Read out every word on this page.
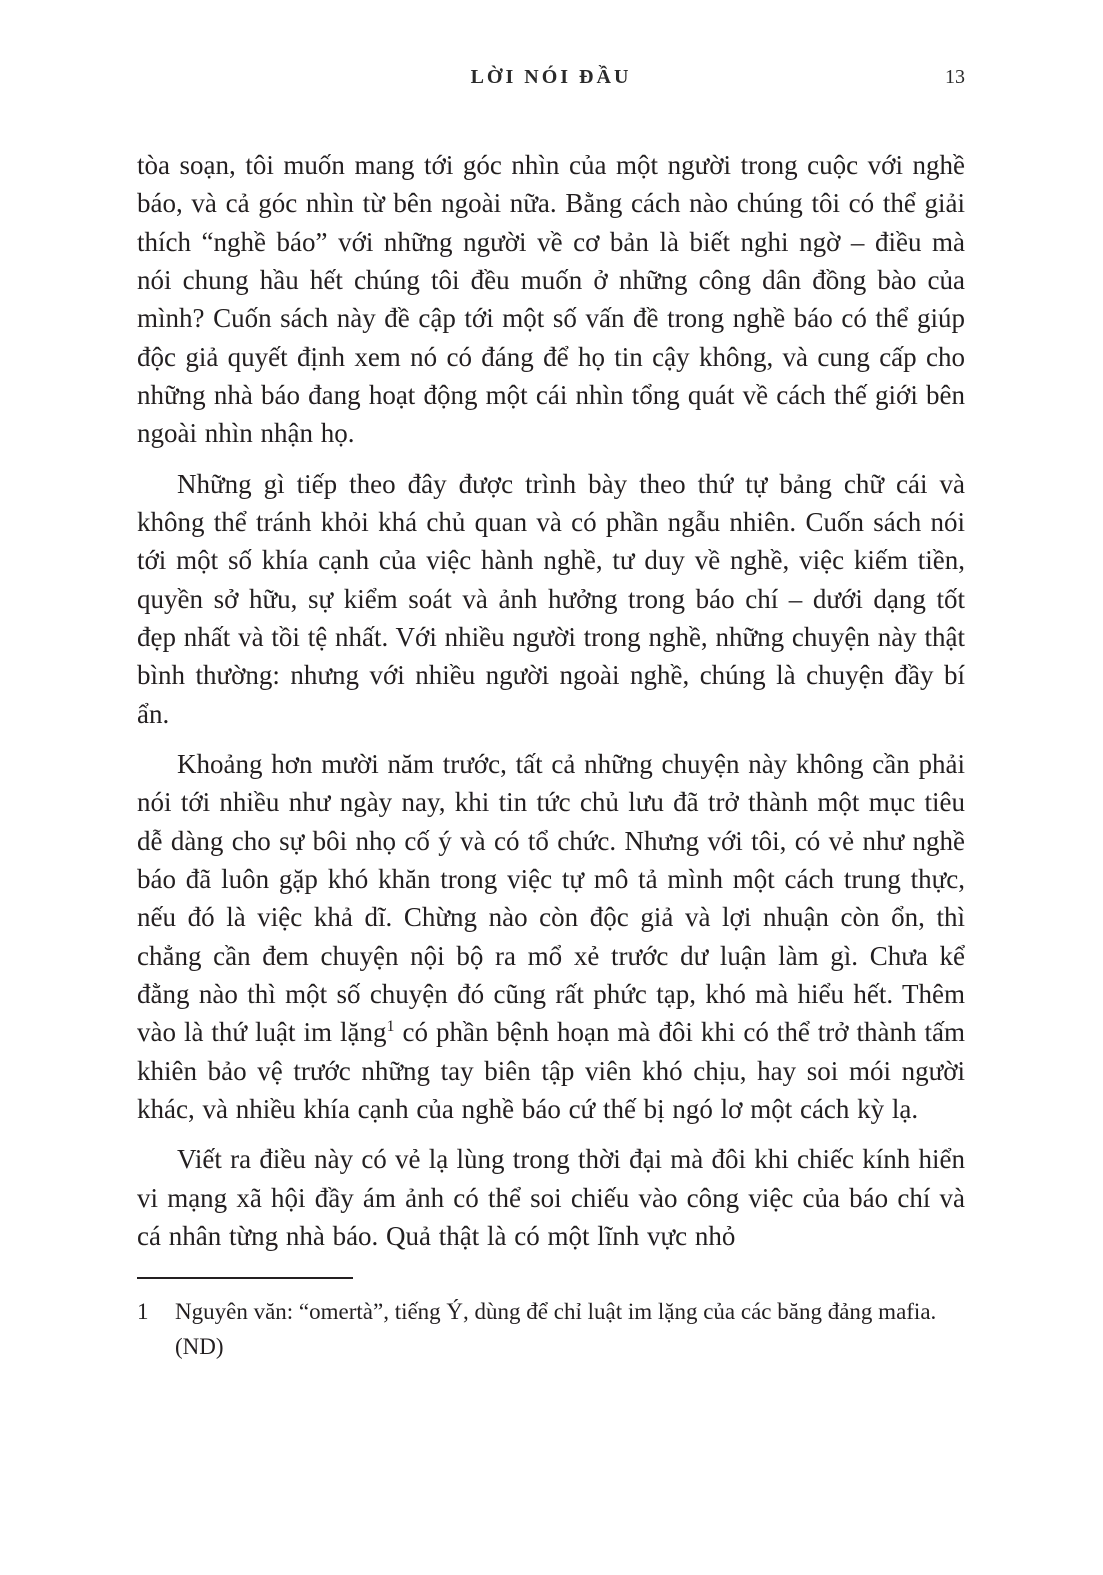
LỜI NÓI ĐẦU	13

tòa soạn, tôi muốn mang tới góc nhìn của một người trong cuộc với nghề báo, và cả góc nhìn từ bên ngoài nữa. Bằng cách nào chúng tôi có thể giải thích “nghề báo” với những người về cơ bản là biết nghi ngờ – điều mà nói chung hầu hết chúng tôi đều muốn ở những công dân đồng bào của mình? Cuốn sách này đề cập tới một số vấn đề trong nghề báo có thể giúp độc giả quyết định xem nó có đáng để họ tin cậy không, và cung cấp cho những nhà báo đang hoạt động một cái nhìn tổng quát về cách thế giới bên ngoài nhìn nhận họ.

Những gì tiếp theo đây được trình bày theo thứ tự bảng chữ cái và không thể tránh khỏi khá chủ quan và có phần ngẫu nhiên. Cuốn sách nói tới một số khía cạnh của việc hành nghề, tư duy về nghề, việc kiếm tiền, quyền sở hữu, sự kiểm soát và ảnh hưởng trong báo chí – dưới dạng tốt đẹp nhất và tồi tệ nhất. Với nhiều người trong nghề, những chuyện này thật bình thường: nhưng với nhiều người ngoài nghề, chúng là chuyện đầy bí ẩn.

Khoảng hơn mười năm trước, tất cả những chuyện này không cần phải nói tới nhiều như ngày nay, khi tin tức chủ lưu đã trở thành một mục tiêu dễ dàng cho sự bôi nhọ cố ý và có tổ chức. Nhưng với tôi, có vẻ như nghề báo đã luôn gặp khó khăn trong việc tự mô tả mình một cách trung thực, nếu đó là việc khả dĩ. Chừng nào còn độc giả và lợi nhuận còn ổn, thì chẳng cần đem chuyện nội bộ ra mổ xẻ trước dư luận làm gì. Chưa kể đằng nào thì một số chuyện đó cũng rất phức tạp, khó mà hiểu hết. Thêm vào là thứ luật im lặng$^1$ có phần bệnh hoạn mà đôi khi có thể trở thành tấm khiên bảo vệ trước những tay biên tập viên khó chịu, hay soi mói người khác, và nhiều khía cạnh của nghề báo cứ thế bị ngó lơ một cách kỳ lạ.

Viết ra điều này có vẻ lạ lùng trong thời đại mà đôi khi chiếc kính hiển vi mạng xã hội đầy ám ảnh có thể soi chiếu vào công việc của báo chí và cá nhân từng nhà báo. Quả thật là có một lĩnh vực nhỏ

1	Nguyên văn: “omertà”, tiếng Ý, dùng để chỉ luật im lặng của các băng đảng mafia. (ND)
